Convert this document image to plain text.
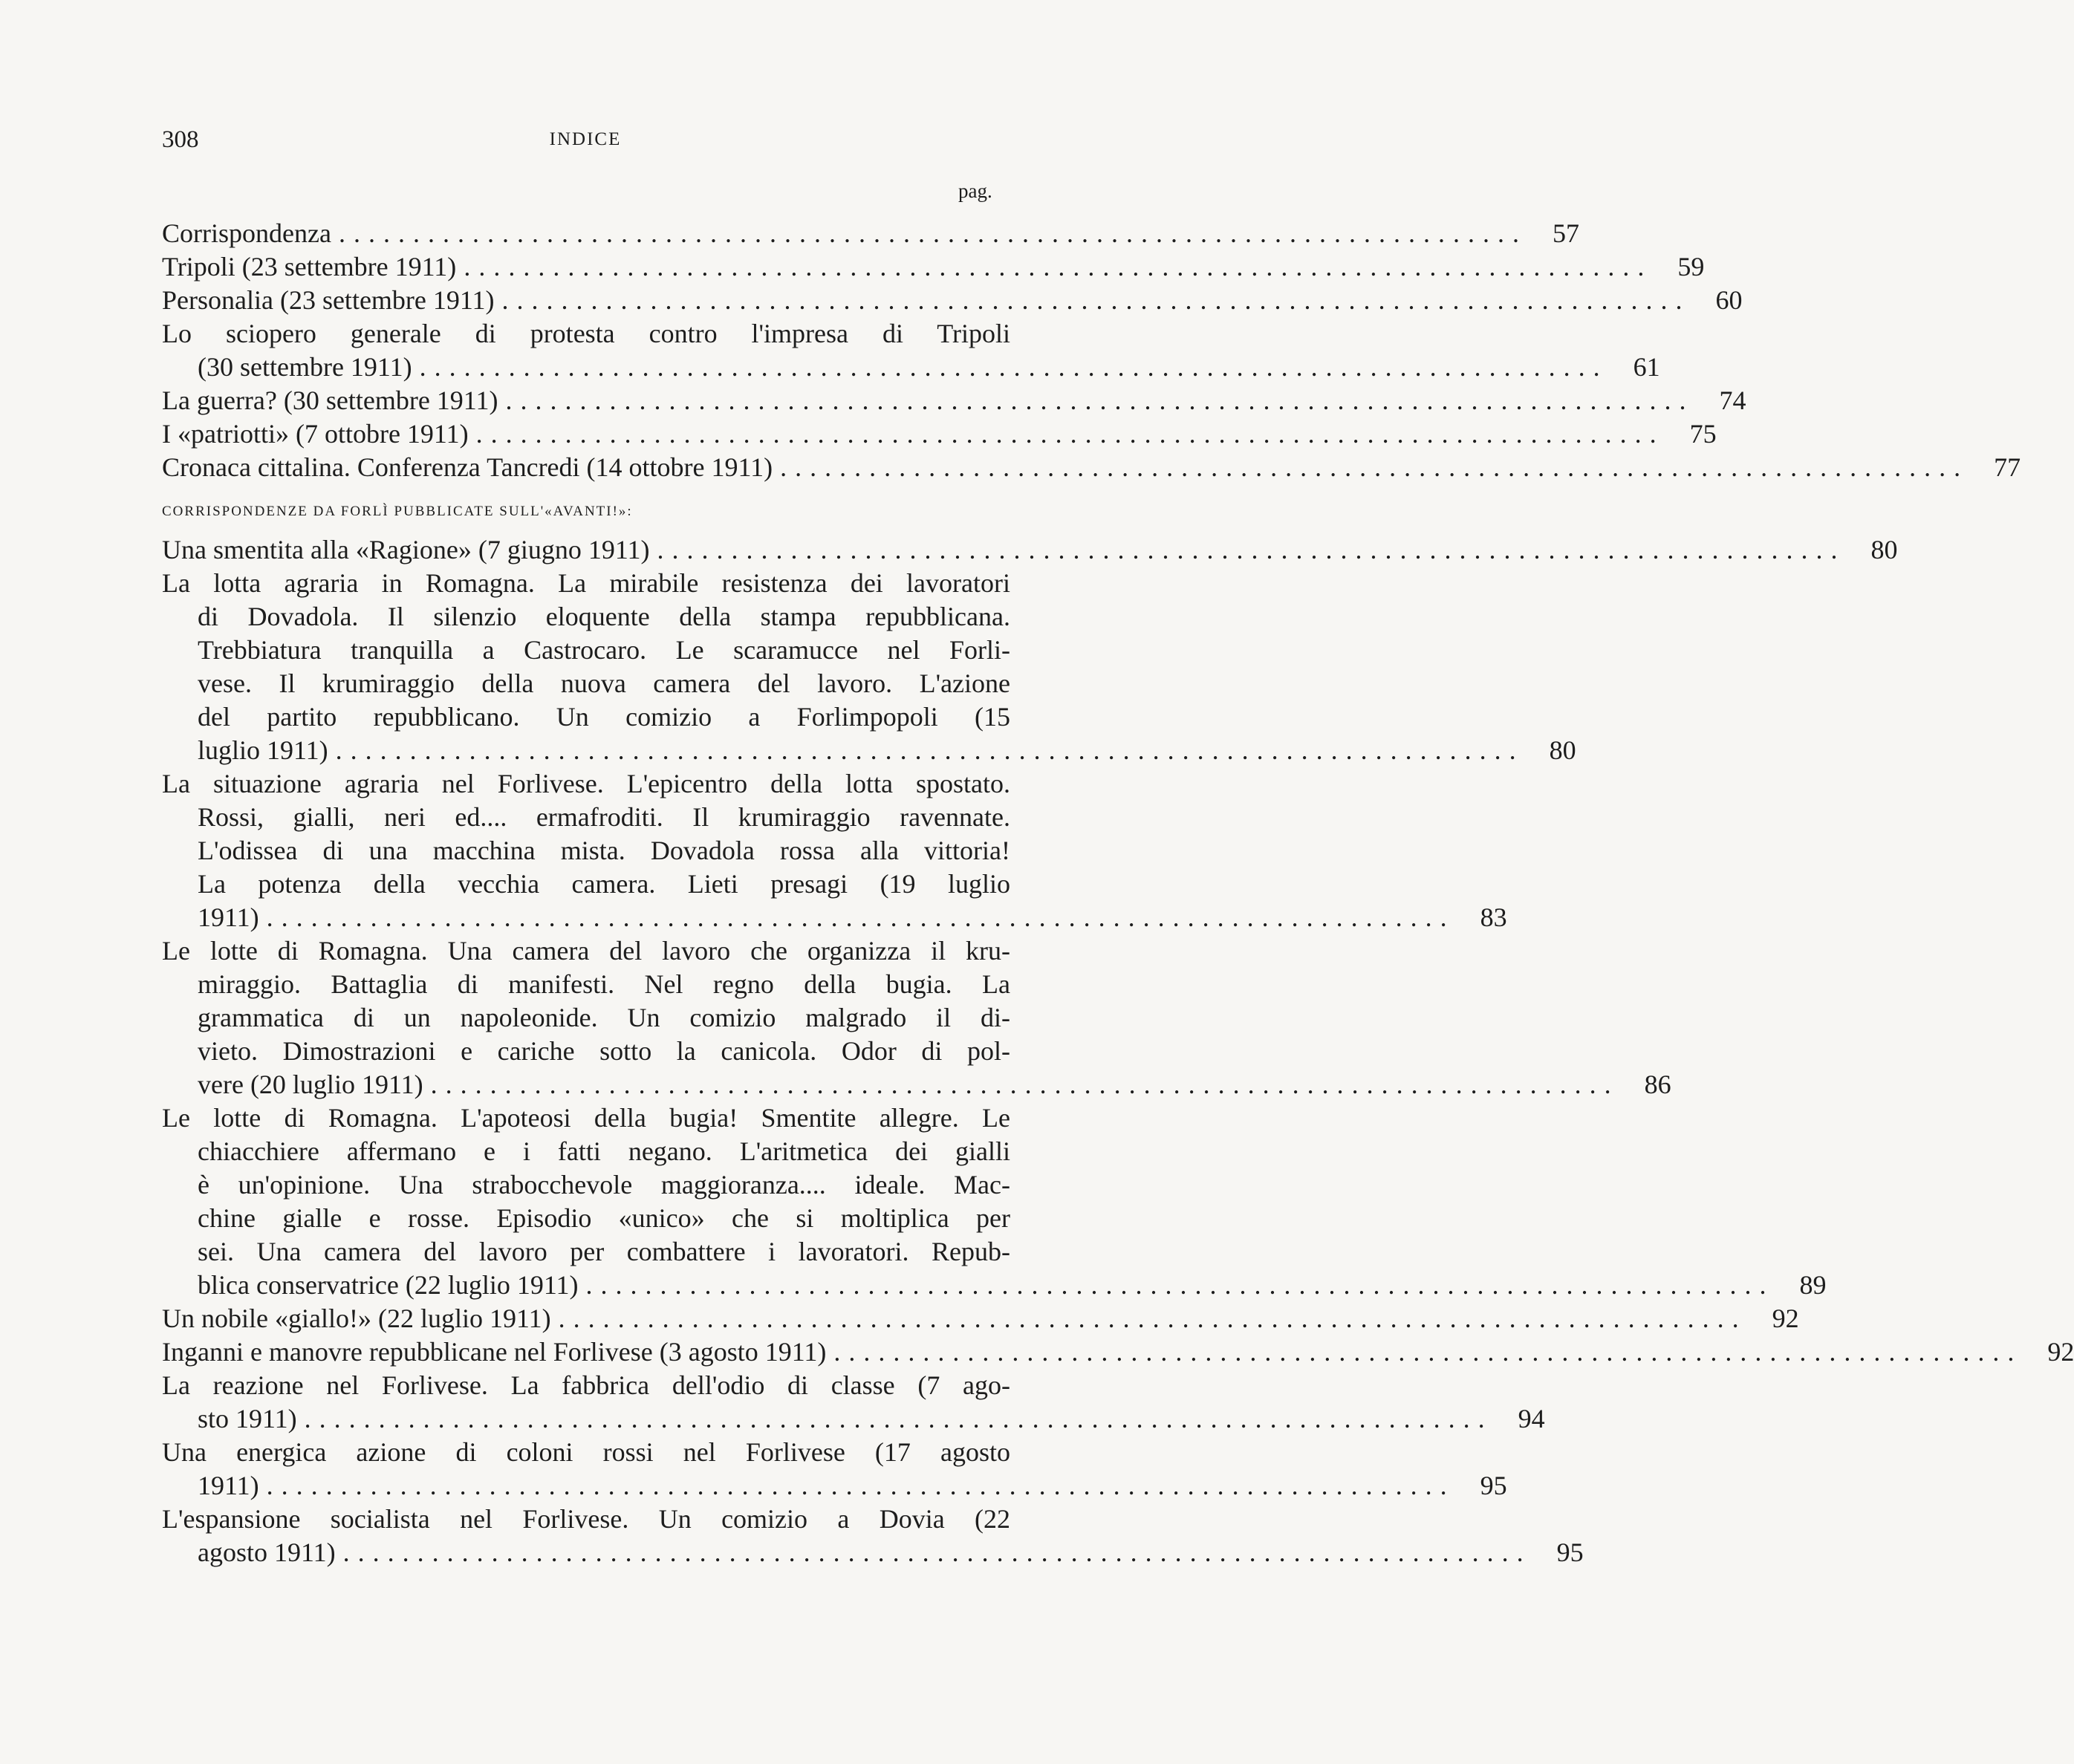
308	INDICE
pag.
Corrispondenza ................................................................................ 57
Tripoli (23 settembre 1911) ................................................................................ 59
Personalia (23 settembre 1911) ................................................................................ 60
Lo sciopero generale di protesta contro l'impresa di Tripoli
(30 settembre 1911) ................................................................................ 61
La guerra? (30 settembre 1911) ................................................................................ 74
I «patriotti» (7 ottobre 1911) ................................................................................ 75
Cronaca cittalina. Conferenza Tancredi (14 ottobre 1911) ................................................................................ 77
CORRISPONDENZE DA FORLÌ PUBBLICATE SULL'«AVANTI!»:
Una smentita alla «Ragione» (7 giugno 1911) ................................................................................ 80
La lotta agraria in Romagna. La mirabile resistenza dei lavoratori
di Dovadola. Il silenzio eloquente della stampa repubblicana.
Trebbiatura tranquilla a Castrocaro. Le scaramucce nel Forli-
vese. Il krumiraggio della nuova camera del lavoro. L'azione
del partito repubblicano. Un comizio a Forlimpopoli (15
luglio 1911) ................................................................................ 80
La situazione agraria nel Forlivese. L'epicentro della lotta spostato.
Rossi, gialli, neri ed.... ermafroditi. Il krumiraggio ravennate.
L'odissea di una macchina mista. Dovadola rossa alla vittoria!
La potenza della vecchia camera. Lieti presagi (19 luglio
1911) ................................................................................ 83
Le lotte di Romagna. Una camera del lavoro che organizza il kru-
miraggio. Battaglia di manifesti. Nel regno della bugia. La
grammatica di un napoleonide. Un comizio malgrado il di-
vieto. Dimostrazioni e cariche sotto la canicola. Odor di pol-
vere (20 luglio 1911) ................................................................................ 86
Le lotte di Romagna. L'apoteosi della bugia! Smentite allegre. Le
chiacchiere affermano e i fatti negano. L'aritmetica dei gialli
è un'opinione. Una strabocchevole maggioranza.... ideale. Mac-
chine gialle e rosse. Episodio «unico» che si moltiplica per
sei. Una camera del lavoro per combattere i lavoratori. Repub-
blica conservatrice (22 luglio 1911) ................................................................................ 89
Un nobile «giallo!» (22 luglio 1911) ................................................................................ 92
Inganni e manovre repubblicane nel Forlivese (3 agosto 1911) ................................................................................ 92
La reazione nel Forlivese. La fabbrica dell'odio di classe (7 ago-
sto 1911) ................................................................................ 94
Una energica azione di coloni rossi nel Forlivese (17 agosto
1911) ................................................................................ 95
L'espansione socialista nel Forlivese. Un comizio a Dovia (22
agosto 1911) ................................................................................ 95
